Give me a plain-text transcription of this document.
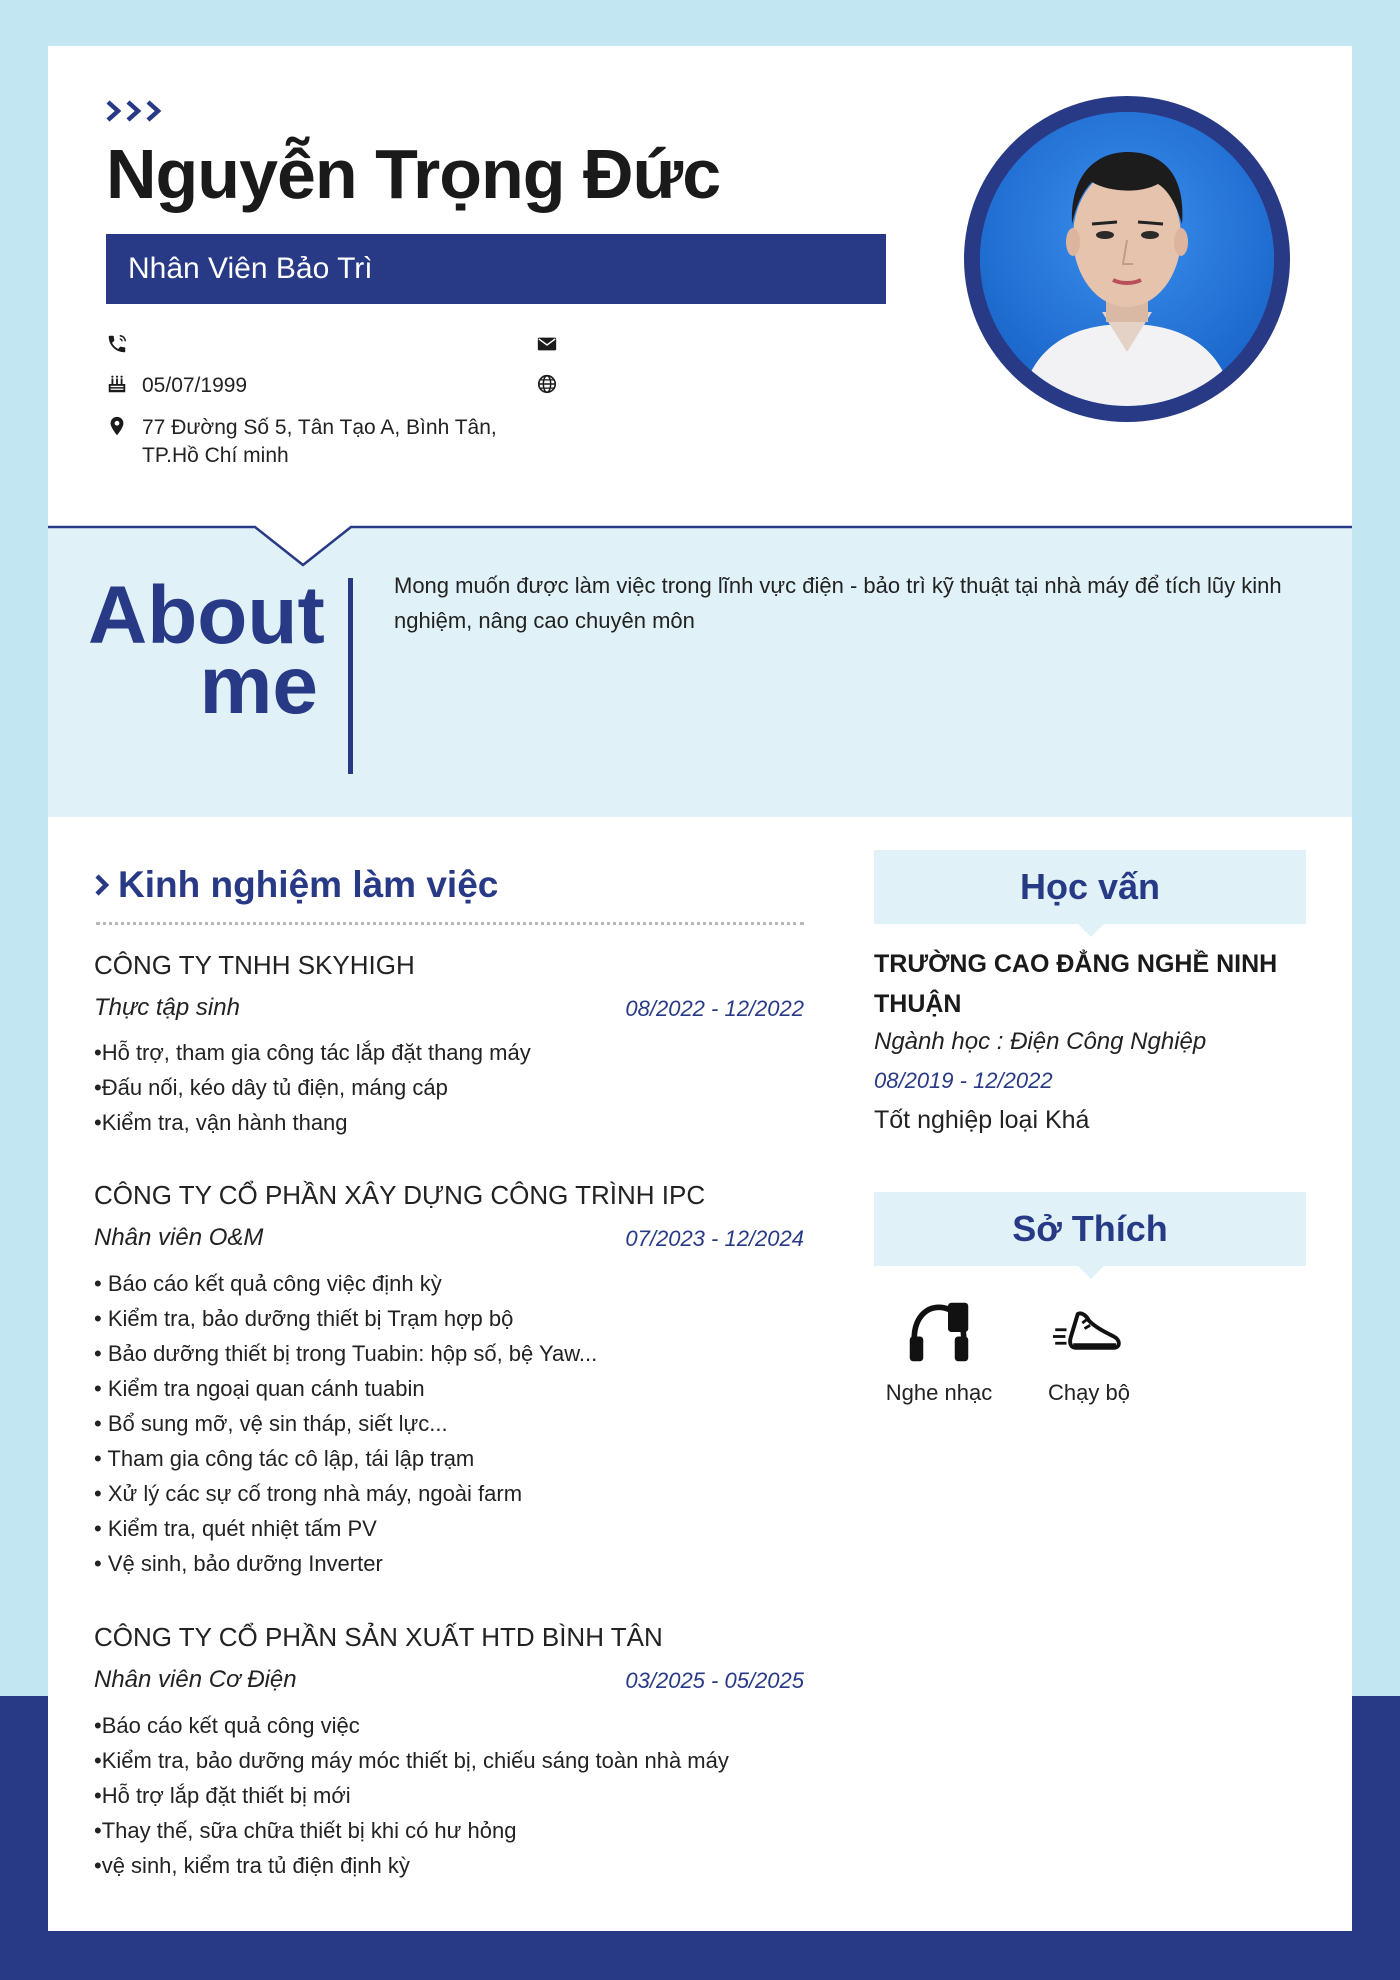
Nguyễn Trọng Đức
Nhân Viên Bảo Trì
05/07/1999
77 Đường Số 5, Tân Tạo A, Bình Tân,
TP.Hồ Chí minh
About
me
Mong muốn được làm việc trong lĩnh vực điện - bảo trì kỹ thuật tại nhà máy để tích lũy kinh nghiệm, nâng cao chuyên môn
Kinh nghiệm làm việc
CÔNG TY TNHH SKYHIGH
Thực tập sinh	08/2022 - 12/2022
•Hỗ trợ, tham gia công tác lắp đặt thang máy
•Đấu nối, kéo dây tủ điện, máng cáp
•Kiểm tra, vận hành thang
CÔNG TY CỔ PHẦN XÂY DỰNG CÔNG TRÌNH IPC
Nhân viên O&M	07/2023 - 12/2024
• Báo cáo kết quả công việc định kỳ
• Kiểm tra, bảo dưỡng thiết bị Trạm hợp bộ
• Bảo dưỡng thiết bị trong Tuabin: hộp số, bệ Yaw...
• Kiểm tra ngoại quan cánh tuabin
• Bổ sung mỡ, vệ sin tháp, siết lực...
• Tham gia công tác cô lập, tái lập trạm
• Xử lý các sự cố trong nhà máy, ngoài farm
• Kiểm tra, quét nhiệt tấm PV
• Vệ sinh, bảo dưỡng Inverter
CÔNG TY CỔ PHẦN SẢN XUẤT HTD BÌNH TÂN
Nhân viên Cơ Điện	03/2025 - 05/2025
•Báo cáo kết quả công việc
•Kiểm tra, bảo dưỡng máy móc thiết bị, chiếu sáng toàn nhà máy
•Hỗ trợ lắp đặt thiết bị mới
•Thay thế, sữa chữa thiết bị khi có hư hỏng
•vệ sinh, kiểm tra tủ điện định kỳ
Học vấn
TRƯỜNG CAO ĐẲNG NGHỀ NINH THUẬN
Ngành học : Điện Công Nghiệp
08/2019 - 12/2022
Tốt nghiệp loại Khá
Sở Thích
Nghe nhạc	Chạy bộ
